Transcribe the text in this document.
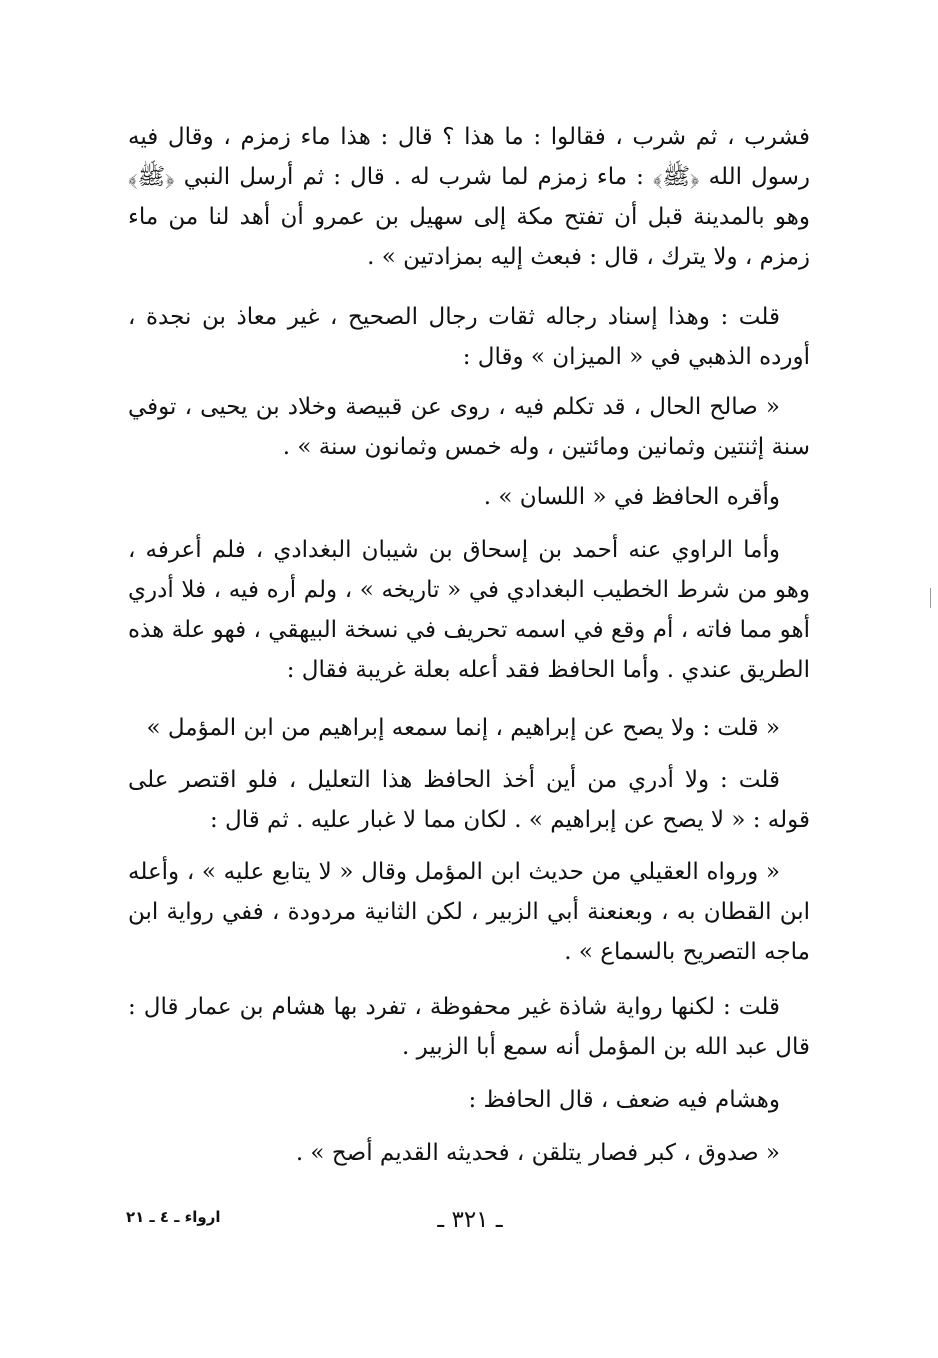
فشرب ، ثم شرب ، فقالوا : ما هذا ؟ قال : هذا ماء زمزم ، وقال فيه رسول الله ﴿ﷺ﴾ : ماء زمزم لما شرب له . قال : ثم أرسل النبي ﴿ﷺ﴾ وهو بالمدينة قبل أن تفتح مكة إلى سهيل بن عمرو أن أهد لنا من ماء زمزم ، ولا يترك ، قال : فبعث إليه بمزادتين » .

قلت : وهذا إسناد رجاله ثقات رجال الصحيح ، غير معاذ بن نجدة ، أورده الذهبي في « الميزان » وقال :

« صالح الحال ، قد تكلم فيه ، روى عن قبيصة وخلاد بن يحيى ، توفي سنة إثنتين وثمانين ومائتين ، وله خمس وثمانون سنة » .

وأقره الحافظ في « اللسان » .

وأما الراوي عنه أحمد بن إسحاق بن شيبان البغدادي ، فلم أعرفه ، وهو من شرط الخطيب البغدادي في « تاريخه » ، ولم أره فيه ، فلا أدري أهو مما فاته ، أم وقع في اسمه تحريف في نسخة البيهقي ، فهو علة هذه الطريق عندي . وأما الحافظ فقد أعله بعلة غريبة فقال :

« قلت : ولا يصح عن إبراهيم ، إنما سمعه إبراهيم من ابن المؤمل »

قلت : ولا أدري من أين أخذ الحافظ هذا التعليل ، فلو اقتصر على قوله : « لا يصح عن إبراهيم » . لكان مما لا غبار عليه . ثم قال :

« ورواه العقيلي من حديث ابن المؤمل وقال « لا يتابع عليه » ، وأعله ابن القطان به ، وبعنعنة أبي الزبير ، لكن الثانية مردودة ، ففي رواية ابن ماجه التصريح بالسماع » .

قلت : لكنها رواية شاذة غير محفوظة ، تفرد بها هشام بن عمار قال : قال عبد الله بن المؤمل أنه سمع أبا الزبير .

وهشام فيه ضعف ، قال الحافظ :

« صدوق ، كبر فصار يتلقن ، فحديثه القديم أصح » .

ارواء ـ ٤ ـ ٢١	ـ ٣٢١ ـ
